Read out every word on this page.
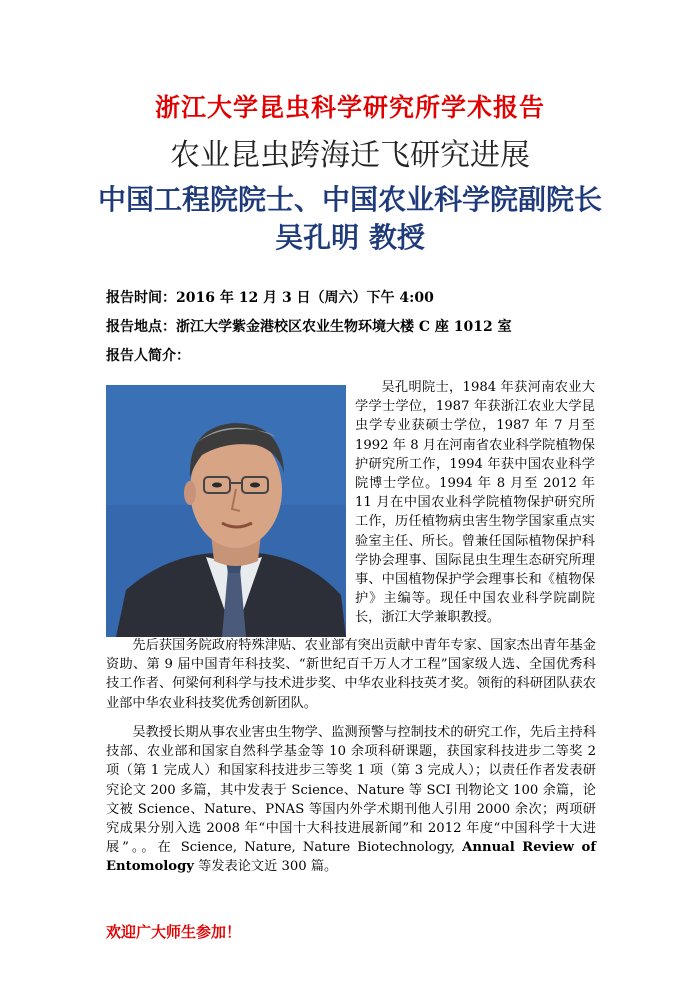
浙江大学昆虫科学研究所学术报告
农业昆虫跨海迁飞研究进展
中国工程院院士、中国农业科学院副院长
吴孔明 教授
报告时间：2016 年 12 月 3 日（周六）下午 4:00
报告地点：浙江大学紫金港校区农业生物环境大楼 C 座 1012 室
报告人简介：

吴孔明院士，1984 年获河南农业大学学士学位，1987 年获浙江农业大学昆虫学专业获硕士学位，1987 年 7 月至 1992 年 8 月在河南省农业科学院植物保护研究所工作，1994 年获中国农业科学院博士学位。1994 年 8 月至 2012 年 11 月在中国农业科学院植物保护研究所工作，历任植物病虫害生物学国家重点实验室主任、所长。曾兼任国际植物保护科学协会理事、国际昆虫生理生态研究所理事、中国植物保护学会理事长和《植物保护》主编等。现任中国农业科学院副院长，浙江大学兼职教授。

先后获国务院政府特殊津贴、农业部有突出贡献中青年专家、国家杰出青年基金资助、第 9 届中国青年科技奖、“新世纪百千万人才工程”国家级人选、全国优秀科技工作者、何梁何利科学与技术进步奖、中华农业科技英才奖。领衔的科研团队获农业部中华农业科技奖优秀创新团队。

吴教授长期从事农业害虫生物学、监测预警与控制技术的研究工作，先后主持科技部、农业部和国家自然科学基金等 10 余项科研课题，获国家科技进步二等奖 2 项（第 1 完成人）和国家科技进步三等奖 1 项（第 3 完成人）；以责任作者发表研究论文 200 多篇，其中发表于 Science、Nature 等 SCI 刊物论文 100 余篇，论文被 Science、Nature、PNAS 等国内外学术期刊他人引用 2000 余次；两项研究成果分别入选 2008 年“中国十大科技进展新闻”和 2012 年度“中国科学十大进展”。。在 Science, Nature, Nature Biotechnology, Annual Review of Entomology 等发表论文近 300 篇。

欢迎广大师生参加！
